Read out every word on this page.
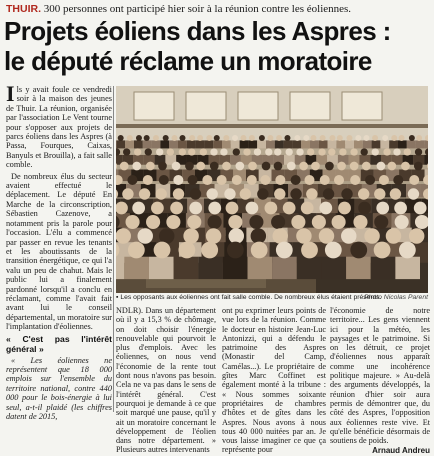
THUIR. 300 personnes ont participé hier soir à la réunion contre les éoliennes.
Projets éoliens dans les Aspres :
le député réclame un moratoire

Ils y avait foule ce vendredi soir à la maison des jeunes de Thuir. La réunion, organisée par l'association Le Vent tourne pour s'opposer aux projets de parcs éoliens dans les Aspres (à Passa, Fourques, Caixas, Banyuls et Brouilla), a fait salle comble.

De nombreux élus du secteur avaient effectué le déplacement. Le député En Marche de la circonscription, Sébastien Cazenove, a notamment pris la parole pour l'occasion. L'élu a commencé par passer en revue les tenants et les aboutissants de la transition énergétique, ce qui l'a valu un peu de chahut. Mais le public lui a finalement pardonné lorsqu'il a conclu en réclamant, comme l'avait fait avant lui le conseil départemental, un moratoire sur l'implantation d'éoliennes.

« C'est pas l'intérêt général »

« Les éoliennes ne représentent que 18 000 emplois sur l'ensemble du territoire national, contre 440 000 pour le bois-énergie à lui seul, a-t-il plaidé (les chiffres datent de 2015,

Photo Nicolas Parent
▪ Les opposants aux éoliennes ont fait salle comble. De nombreux élus étaient présents.

NDLR). Dans un département où il y a 15,3 % de chômage, on doit choisir l'énergie renouvelable qui pourvoit le plus d'emplois. Avec les éoliennes, on nous vend l'économie de la rente tout dont nous n'avons pas besoin. Cela ne va pas dans le sens de l'intérêt général. C'est pourquoi je demande à ce que soit marqué une pause, qu'il y ait un moratoire concernant le développement de l'éolien dans notre département. » Plusieurs autres intervenants

ont pu exprimer leurs points de vue lors de la réunion. Comme le docteur en histoire Jean-Luc Antonizzi, qui a défendu le patrimoine des Aspres (Monastir del Camp, Camélas...). Le propriétaire de gîtes Marc Coffinet est également monté à la tribune : « Nous sommes soixante propriétaires de chambres d'hôtes et de gîtes dans les Aspres. Nous avons à nous tous 40 000 nuitées par an. Je vous laisse imaginer ce que ça représente pour

l'économie de notre territoire... Les gens viennent ici pour la météo, les paysages et le patrimoine. Si on les détruit, ce projet d'éoliennes nous apparaît comme une incohérence politique majeure. » Au-delà des arguments développés, la réunion d'hier soir aura permis de démontrer que, du côté des Aspres, l'opposition aux éoliennes reste vive. Et qu'elle bénéficie désormais de soutiens de poids.

Arnaud Andreu
